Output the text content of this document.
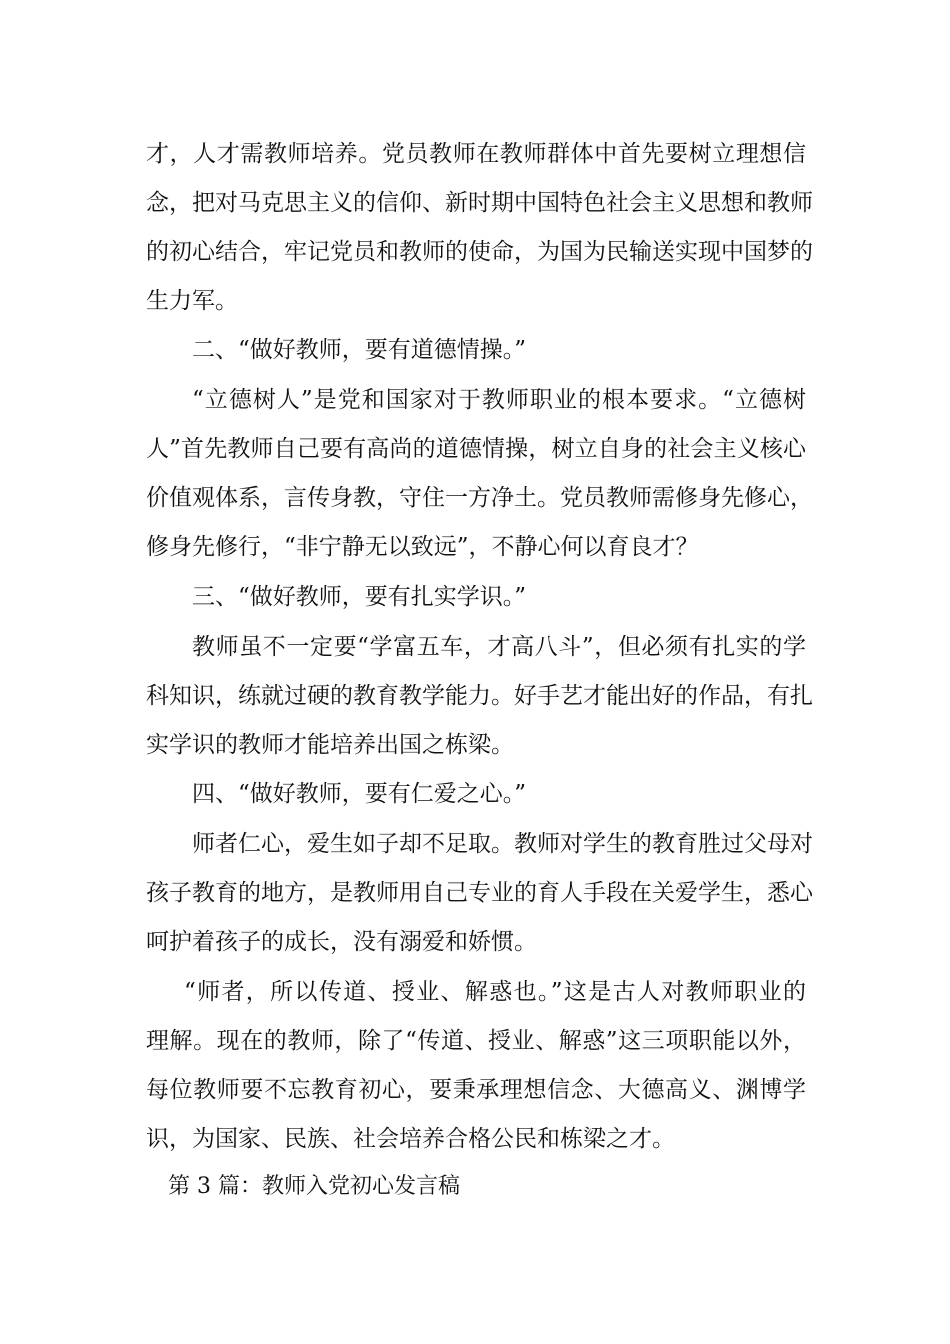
才，人才需教师培养。党员教师在教师群体中首先要树立理想信
念，把对马克思主义的信仰、新时期中国特色社会主义思想和教师
的初心结合，牢记党员和教师的使命，为国为民输送实现中国梦的
生力军。
二、“做好教师，要有道德情操。”
“立德树人”是党和国家对于教师职业的根本要求。“立德树
人”首先教师自己要有高尚的道德情操，树立自身的社会主义核心
价值观体系，言传身教，守住一方净土。党员教师需修身先修心，
修身先修行，“非宁静无以致远”，不静心何以育良才？
三、“做好教师，要有扎实学识。”
教师虽不一定要“学富五车，才高八斗”，但必须有扎实的学
科知识，练就过硬的教育教学能力。好手艺才能出好的作品，有扎
实学识的教师才能培养出国之栋梁。
四、“做好教师，要有仁爱之心。”
师者仁心，爱生如子却不足取。教师对学生的教育胜过父母对
孩子教育的地方，是教师用自己专业的育人手段在关爱学生，悉心
呵护着孩子的成长，没有溺爱和娇惯。
“师者，所以传道、授业、解惑也。”这是古人对教师职业的
理解。现在的教师，除了“传道、授业、解惑”这三项职能以外，
每位教师要不忘教育初心，要秉承理想信念、大德高义、渊博学
识，为国家、民族、社会培养合格公民和栋梁之才。
第 3 篇：教师入党初心发言稿
